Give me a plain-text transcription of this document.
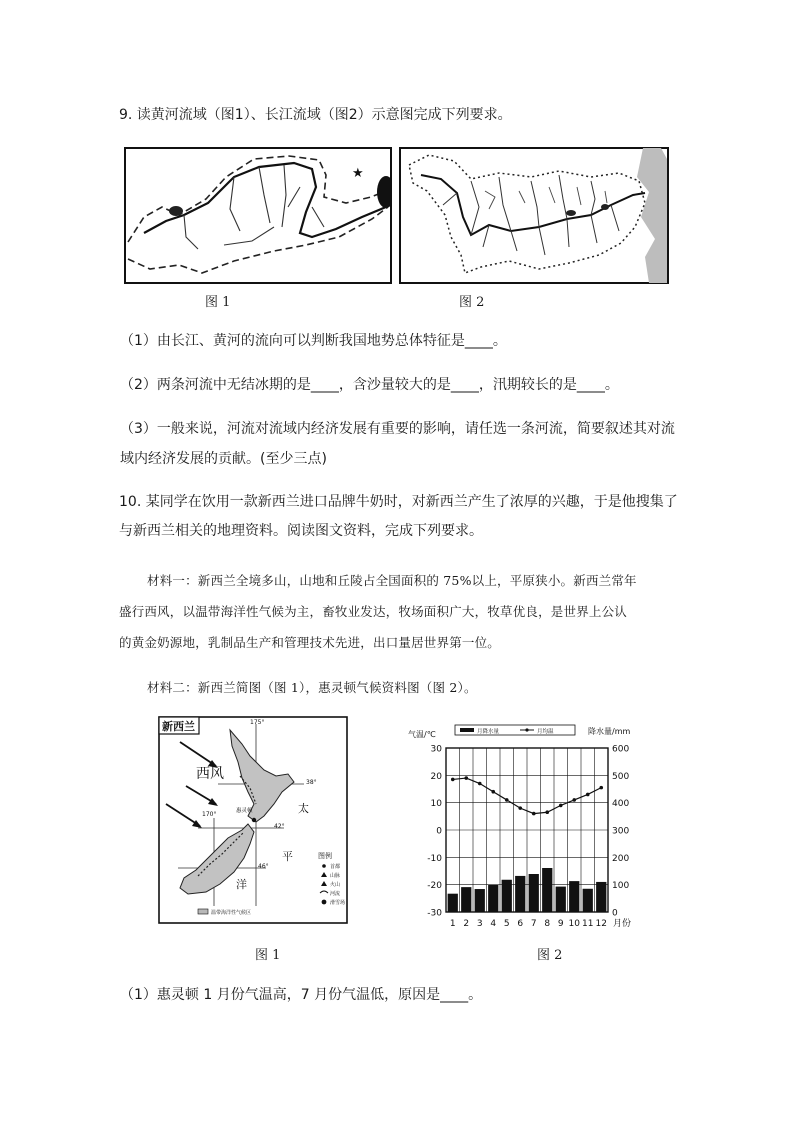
9. 读黄河流域（图1）、长江流域（图2）示意图完成下列要求。
★
图 1	图 2
（1）由长江、黄河的流向可以判断我国地势总体特征是____。
（2）两条河流中无结冰期的是____，含沙量较大的是____，汛期较长的是____。
（3）一般来说，河流对流域内经济发展有重要的影响，请任选一条河流，简要叙述其对流
域内经济发展的贡献。(至少三点)
10. 某同学在饮用一款新西兰进口品牌牛奶时，对新西兰产生了浓厚的兴趣，于是他搜集了
与新西兰相关的地理资料。阅读图文资料，完成下列要求。
材料一：新西兰全境多山，山地和丘陵占全国面积的 75%以上，平原狭小。新西兰常年
盛行西风，以温带海洋性气候为主，畜牧业发达，牧场面积广大，牧草优良，是世界上公认
的黄金奶源地，乳制品生产和管理技术先进，出口量居世界第一位。
材料二：新西兰简图（图 1），惠灵顿气候资料图（图 2）。
新西兰	175°
170°
38°
42°
46°
西风
太
平
洋
惠灵顿
图例
首都
山脉
火山
河流
滑雪场
温带海洋性气候区
图 1
月降水量	月均温
气温/℃	降水量/mm
月份
30
20
10
0
-10
-20
-30
600
500
400
300
200
100
0
1 2 3 4 5 6 7 8 9 10 11 12
图 2
（1）惠灵顿 1 月份气温高，7 月份气温低，原因是____。
